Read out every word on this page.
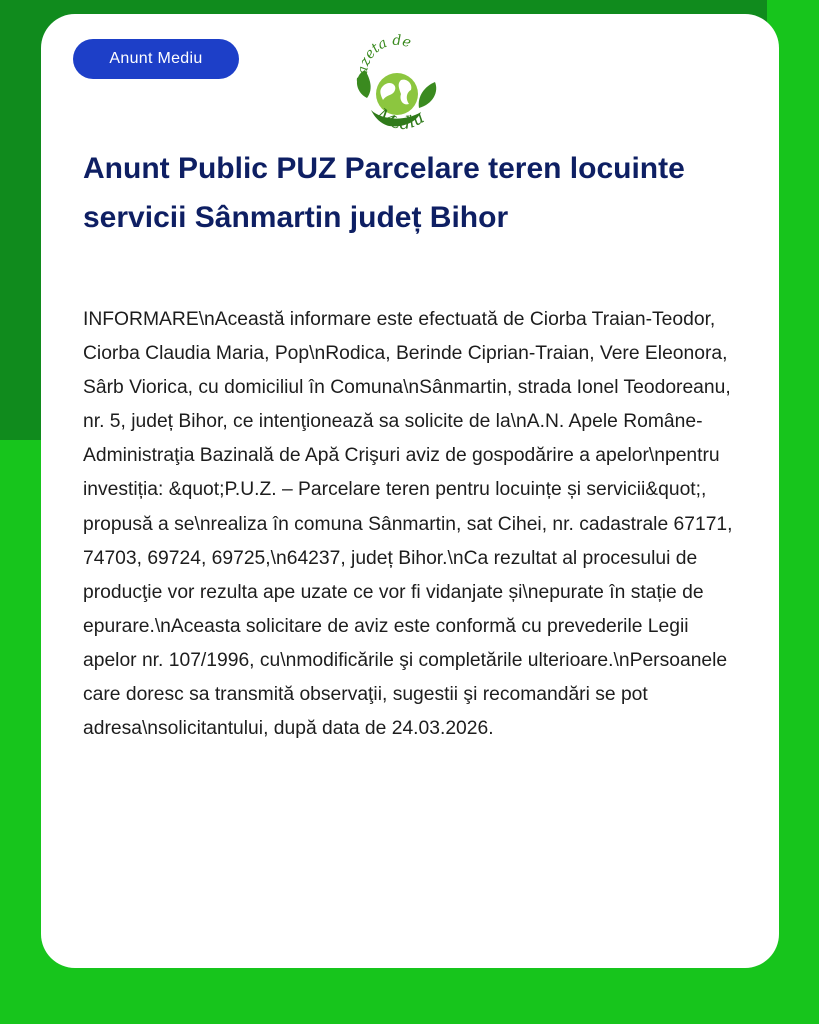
Anunt Mediu
Gazeta de
Mediu
Anunt Public PUZ Parcelare teren locuinte servicii Sânmartin județ Bihor

INFORMARE\nAceastă informare este efectuată de Ciorba Traian-Teodor, Ciorba Claudia Maria, Pop\nRodica, Berinde Ciprian-Traian, Vere Eleonora, Sârb Viorica, cu domiciliul în Comuna\nSânmartin, strada Ionel Teodoreanu, nr. 5, județ Bihor, ce intenţionează sa solicite de la\nA.N. Apele Române-Administraţia Bazinală de Apă Crişuri aviz de gospodărire a apelor\npentru investiția: &quot;P.U.Z. – Parcelare teren pentru locuințe și servicii&quot;, propusă a se\nrealiza în comuna Sânmartin, sat Cihei, nr. cadastrale 67171, 74703, 69724, 69725,\n64237, județ Bihor.\nCa rezultat al procesului de producţie vor rezulta ape uzate ce vor fi vidanjate și\nepurate în stație de epurare.\nAceasta solicitare de aviz este conformă cu prevederile Legii apelor nr. 107/1996, cu\nmodificările şi completările ulterioare.\nPersoanele care doresc sa transmită observaţii, sugestii şi recomandări se pot adresa\nsolicitantului, după data de 24.03.2026.
